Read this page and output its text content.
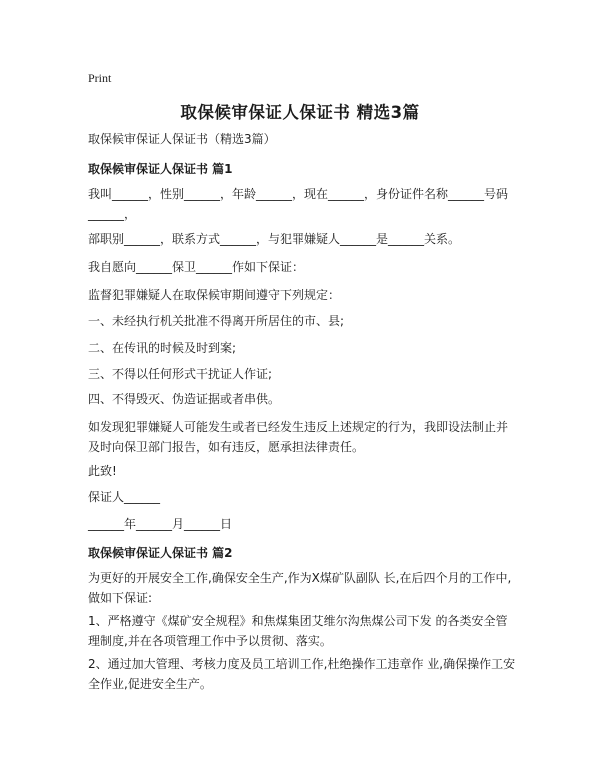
Print
取保候审保证人保证书 精选3篇
取保候审保证人保证书（精选3篇）
取保候审保证人保证书 篇1
我叫______，性别______，年龄______，现在______，身份证件名称______号码______，
部职别______，联系方式______，与犯罪嫌疑人______是______关系。
我自愿向______保卫______作如下保证：
监督犯罪嫌疑人在取保候审期间遵守下列规定：
一、未经执行机关批准不得离开所居住的市、县;
二、在传讯的时候及时到案;
三、不得以任何形式干扰证人作证;
四、不得毁灭、伪造证据或者串供。
如发现犯罪嫌疑人可能发生或者已经发生违反上述规定的行为，我即设法制止并及时向保卫部门报告，如有违反，愿承担法律责任。
此致!
保证人______
______年______月______日
取保候审保证人保证书 篇2
为更好的开展安全工作,确保安全生产,作为X煤矿队副队 长,在后四个月的工作中,做如下保证:
1、严格遵守《煤矿安全规程》和焦煤集团艾维尔沟焦煤公司下发 的各类安全管理制度,并在各项管理工作中予以贯彻、落实。
2、通过加大管理、考核力度及员工培训工作,杜绝操作工违章作 业,确保操作工安全作业,促进安全生产。
